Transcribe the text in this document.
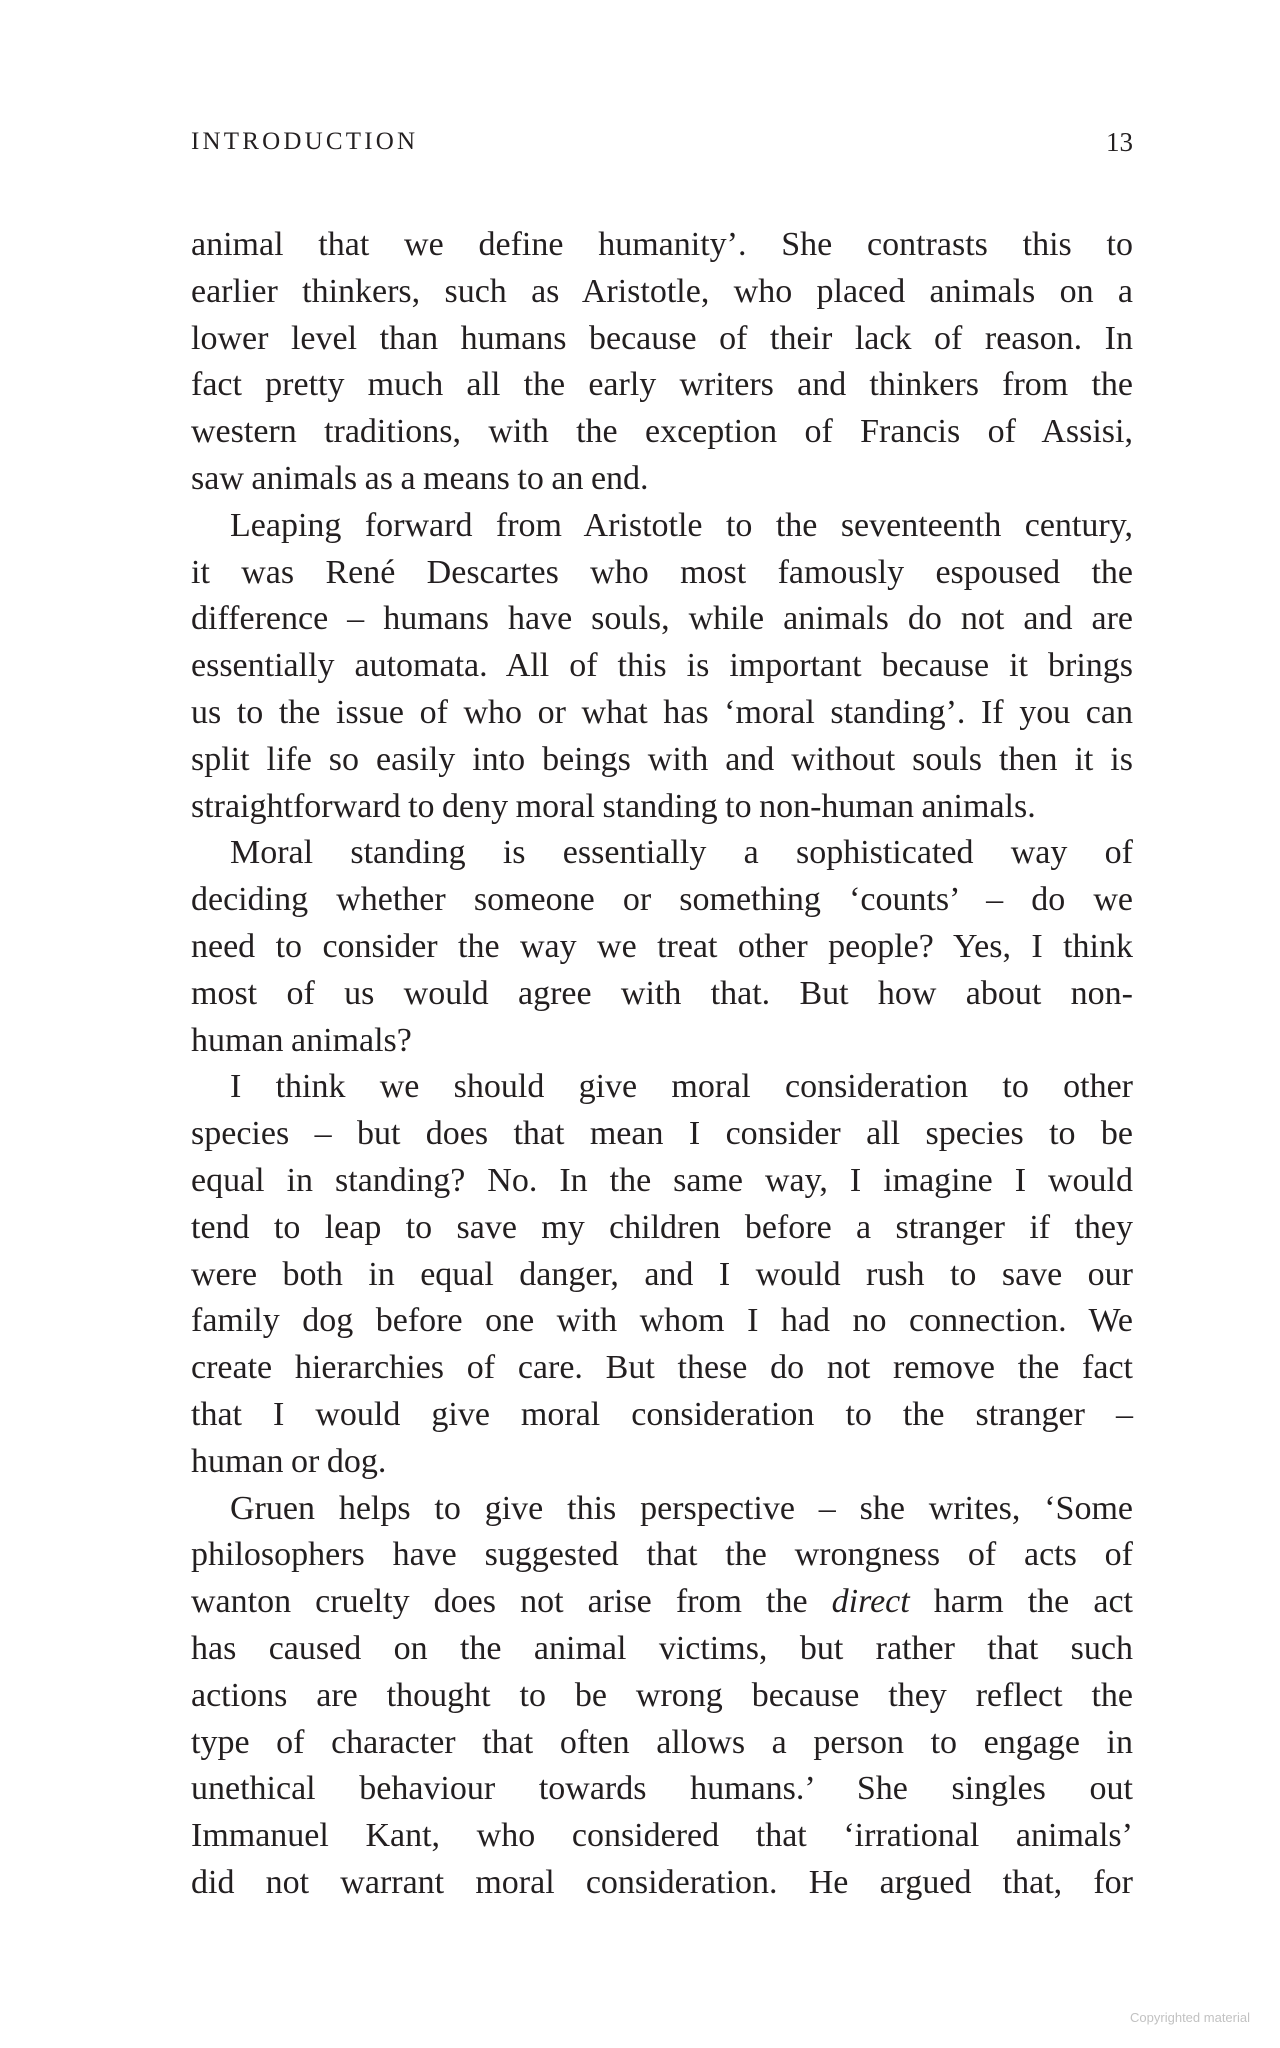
INTRODUCTION	13
animal that we define humanity’. She contrasts this to
earlier thinkers, such as Aristotle, who placed animals on a
lower level than humans because of their lack of reason. In
fact pretty much all the early writers and thinkers from the
western traditions, with the exception of Francis of Assisi,
saw animals as a means to an end.
Leaping forward from Aristotle to the seventeenth century,
it was René Descartes who most famously espoused the
difference – humans have souls, while animals do not and are
essentially automata. All of this is important because it brings
us to the issue of who or what has ‘moral standing’. If you can
split life so easily into beings with and without souls then it is
straightforward to deny moral standing to non-human animals.
Moral standing is essentially a sophisticated way of
deciding whether someone or something ‘counts’ – do we
need to consider the way we treat other people? Yes, I think
most of us would agree with that. But how about non-
human animals?
I think we should give moral consideration to other
species – but does that mean I consider all species to be
equal in standing? No. In the same way, I imagine I would
tend to leap to save my children before a stranger if they
were both in equal danger, and I would rush to save our
family dog before one with whom I had no connection. We
create hierarchies of care. But these do not remove the fact
that I would give moral consideration to the stranger –
human or dog.
Gruen helps to give this perspective – she writes, ‘Some
philosophers have suggested that the wrongness of acts of
wanton cruelty does not arise from the direct harm the act
has caused on the animal victims, but rather that such
actions are thought to be wrong because they reflect the
type of character that often allows a person to engage in
unethical behaviour towards humans.’ She singles out
Immanuel Kant, who considered that ‘irrational animals’
did not warrant moral consideration. He argued that, for
Copyrighted material
